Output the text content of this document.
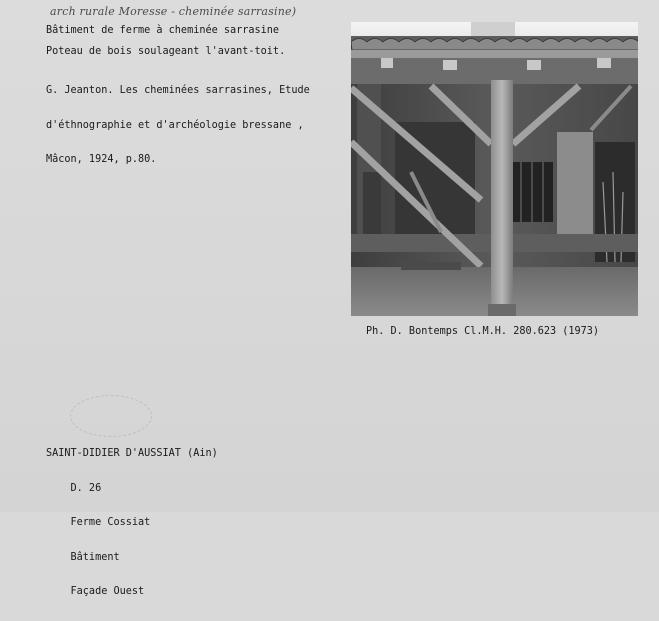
arch rurale Moresse - cheminée sarrasine)
Bâtiment de ferme à cheminée sarrasine
Poteau de bois soulageant l'avant-toit.

G. Jeanton. Les cheminées sarrasines, Etude

d'éthnographie et d'archéologie bressane ,

Mâcon, 1924, p.80.

Ph. D. Bontemps Cl.M.H. 280.623 (1973)

SAINT-DIDIER D'AUSSIAT (Ain)

D. 26

Ferme Cossiat

Bâtiment

Façade Ouest
